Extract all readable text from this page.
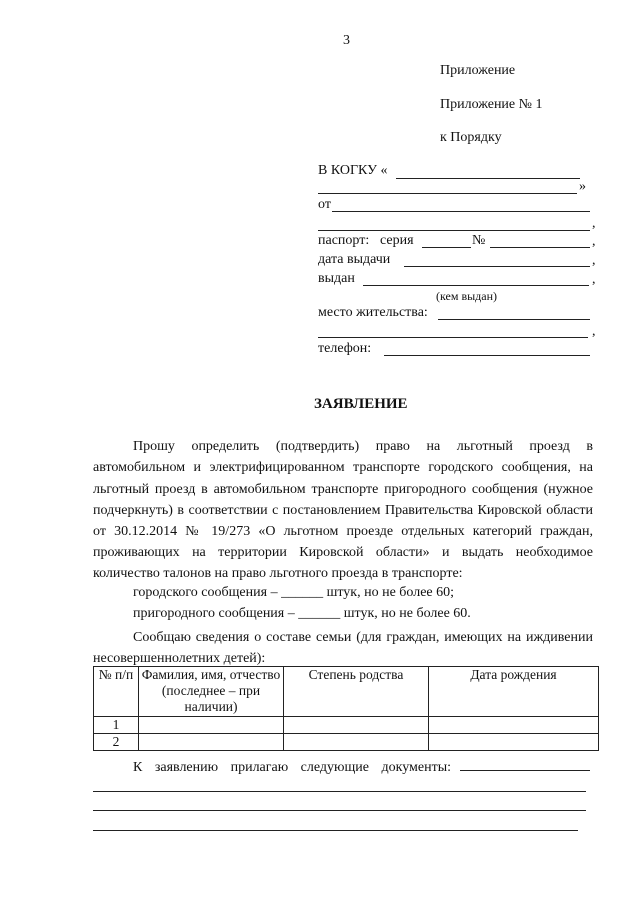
3
Приложение
Приложение № 1
к Порядку
В КОГКУ «
»
от
,
паспорт: серия	№	,
дата выдачи	,
выдан	,
(кем выдан)
место жительства:
,
телефон:
ЗАЯВЛЕНИЕ
Прошу определить (подтвердить) право на льготный проезд в
автомобильном и электрифицированном транспорте городского сообщения, на
льготный проезд в автомобильном транспорте пригородного сообщения (нужное
подчеркнуть) в соответствии с постановлением Правительства Кировской области
от 30.12.2014 № 19/273 «О льготном проезде отдельных категорий граждан,
проживающих на территории Кировской области» и выдать необходимое
количество талонов на право льготного проезда в транспорте:
городского сообщения – ______ штук, но не более 60;
пригородного сообщения – ______ штук, но не более 60.
Сообщаю сведения о составе семьи (для граждан, имеющих на иждивении
несовершеннолетних детей):
№ п/п	Фамилия, имя, отчество (последнее – при наличии)	Степень родства	Дата рождения
1			
2			
К заявлению прилагаю следующие документы:
